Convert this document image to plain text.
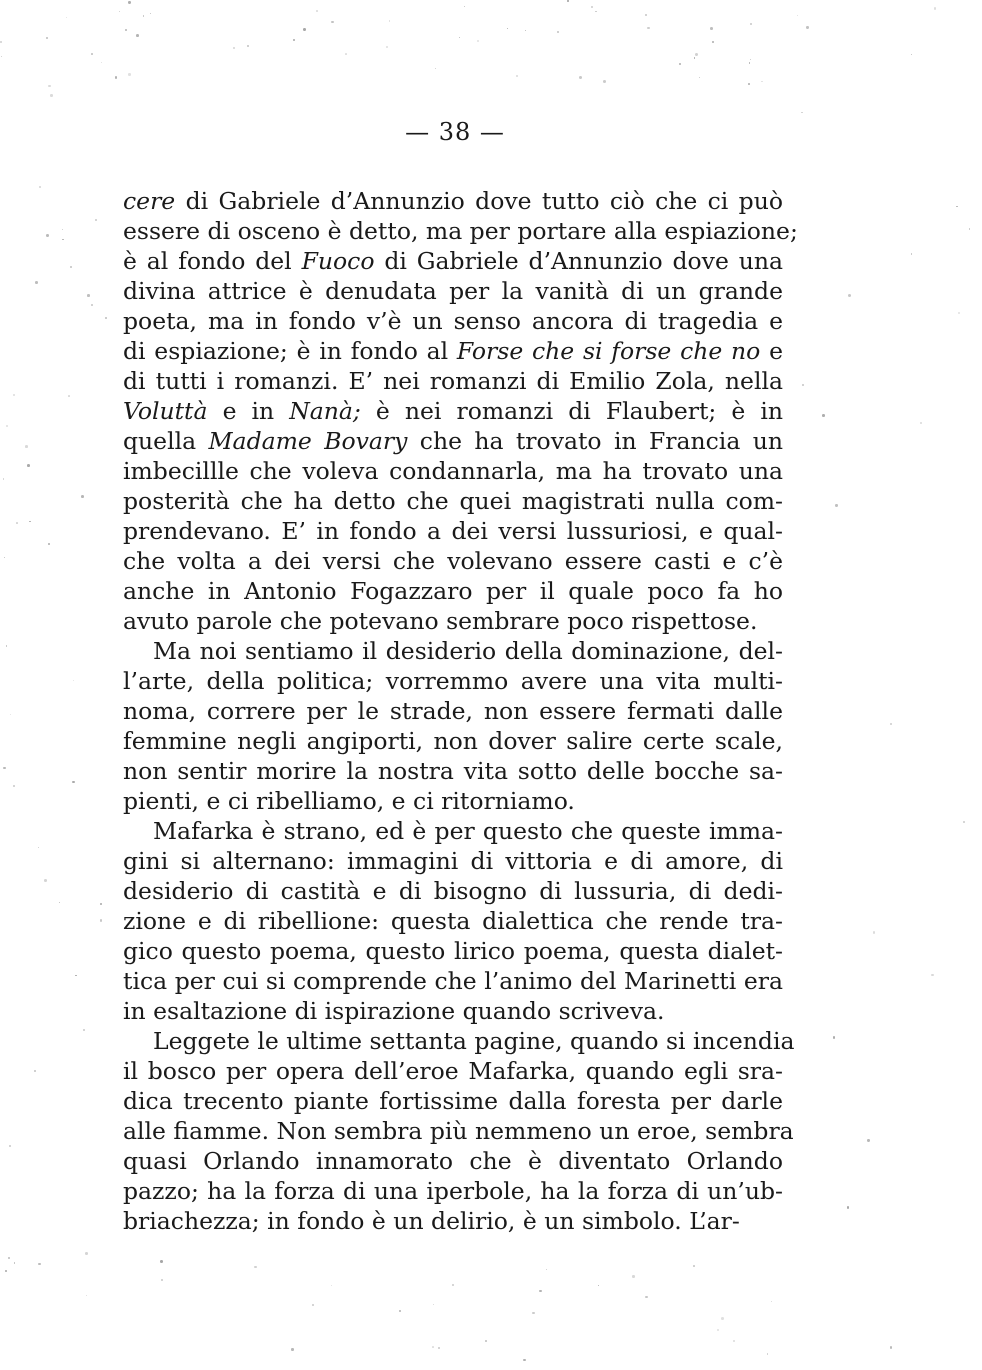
— 38 —
cere di Gabriele d’Annunzio dove tutto ciò che ci può
essere di osceno è detto, ma per portare alla espiazione;
è al fondo del Fuoco di Gabriele d’Annunzio dove una
divina attrice è denudata per la vanità di un grande
poeta, ma in fondo v’è un senso ancora di tragedia e
di espiazione; è in fondo al Forse che si forse che no e
di tutti i romanzi. E’ nei romanzi di Emilio Zola, nella
Voluttà e in Nanà; è nei romanzi di Flaubert; è in
quella Madame Bovary che ha trovato in Francia un
imbecillle che voleva condannarla, ma ha trovato una
posterità che ha detto che quei magistrati nulla com-
prendevano. E’ in fondo a dei versi lussuriosi, e qual-
che volta a dei versi che volevano essere casti e c’è
anche in Antonio Fogazzaro per il quale poco fa ho
avuto parole che potevano sembrare poco rispettose.
Ma noi sentiamo il desiderio della dominazione, del-
l’arte, della politica; vorremmo avere una vita multi-
noma, correre per le strade, non essere fermati dalle
femmine negli angiporti, non dover salire certe scale,
non sentir morire la nostra vita sotto delle bocche sa-
pienti, e ci ribelliamo, e ci ritorniamo.
Mafarka è strano, ed è per questo che queste imma-
gini si alternano: immagini di vittoria e di amore, di
desiderio di castità e di bisogno di lussuria, di dedi-
zione e di ribellione: questa dialettica che rende tra-
gico questo poema, questo lirico poema, questa dialet-
tica per cui si comprende che l’animo del Marinetti era
in esaltazione di ispirazione quando scriveva.
Leggete le ultime settanta pagine, quando si incendia
il bosco per opera dell’eroe Mafarka, quando egli sra-
dica trecento piante fortissime dalla foresta per darle
alle fiamme. Non sembra più nemmeno un eroe, sembra
quasi Orlando innamorato che è diventato Orlando
pazzo; ha la forza di una iperbole, ha la forza di un’ub-
briachezza; in fondo è un delirio, è un simbolo. L’ar-
